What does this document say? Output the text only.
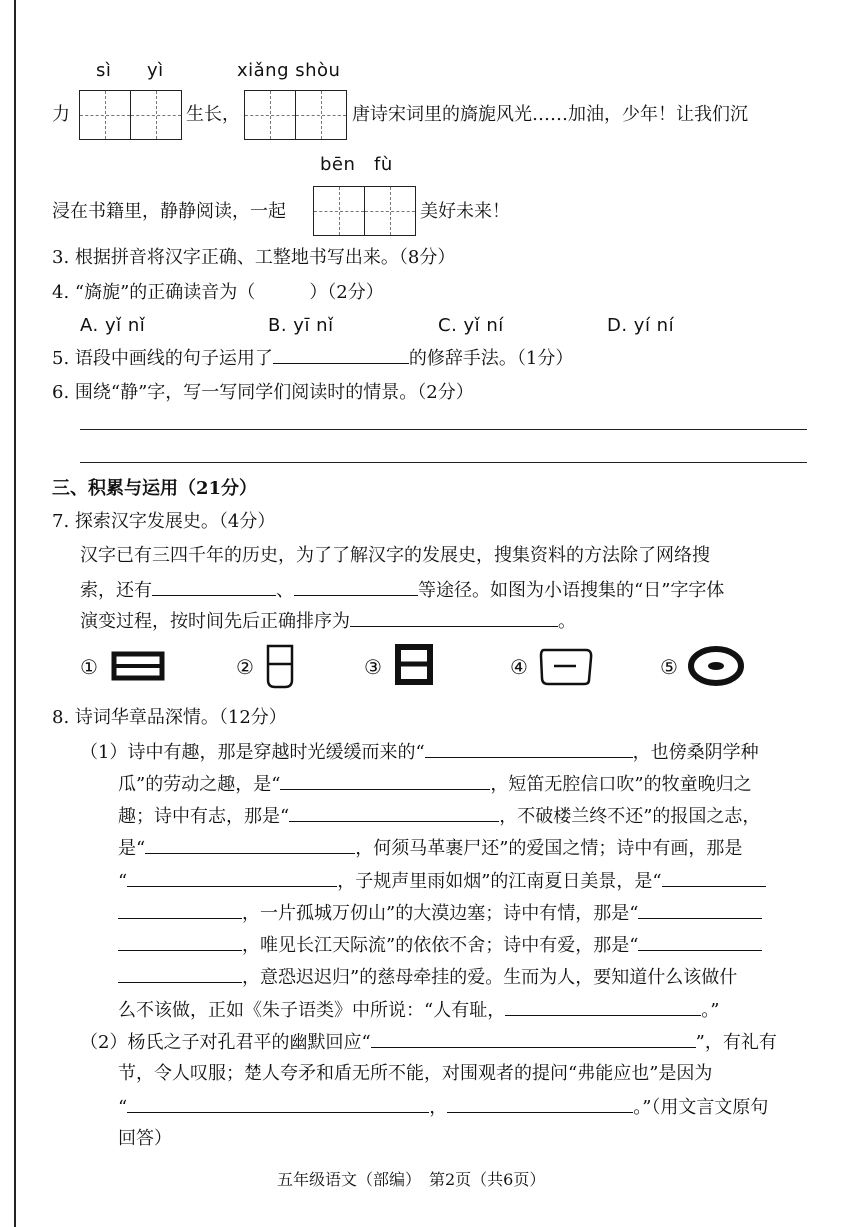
sì yì	xiǎng shòu
力	生长，	唐诗宋词里的旖旎风光……加油，少年！让我们沉
bēn fù
浸在书籍里，静静阅读，一起	美好未来！
3. 根据拼音将汉字正确、工整地书写出来。（8分）
4. “旖旎”的正确读音为（	）（2分）
A. yǐ nǐ	B. yī nǐ	C. yǐ ní	D. yí ní
5. 语段中画线的句子运用了	的修辞手法。（1分）
6. 围绕“静”字，写一写同学们阅读时的情景。（2分）
三、积累与运用（21分）
7. 探索汉字发展史。（4分）
汉字已有三四千年的历史，为了了解汉字的发展史，搜集资料的方法除了网络搜
索，还有	、	等途径。如图为小语搜集的“日”字字体
演变过程，按时间先后正确排序为	。
①	②	③	④	⑤
8. 诗词华章品深情。（12分）
（1）诗中有趣，那是穿越时光缓缓而来的“	，也傍桑阴学种
瓜”的劳动之趣，是“	，短笛无腔信口吹”的牧童晚归之
趣；诗中有志，那是“	，不破楼兰终不还”的报国之志，
是“	，何须马革裹尸还”的爱国之情；诗中有画，那是
“	，子规声里雨如烟”的江南夏日美景，是“
，一片孤城万仞山”的大漠边塞；诗中有情，那是“
，唯见长江天际流”的依依不舍；诗中有爱，那是“
，意恐迟迟归”的慈母牵挂的爱。生而为人，要知道什么该做什
么不该做，正如《朱子语类》中所说：“人有耻，	。”
（2）杨氏之子对孔君平的幽默回应“	”，有礼有
节，令人叹服；楚人夸矛和盾无所不能，对围观者的提问“弗能应也”是因为
“	，	。”（用文言文原句
回答）
五年级语文（部编）　第2页（共6页）
